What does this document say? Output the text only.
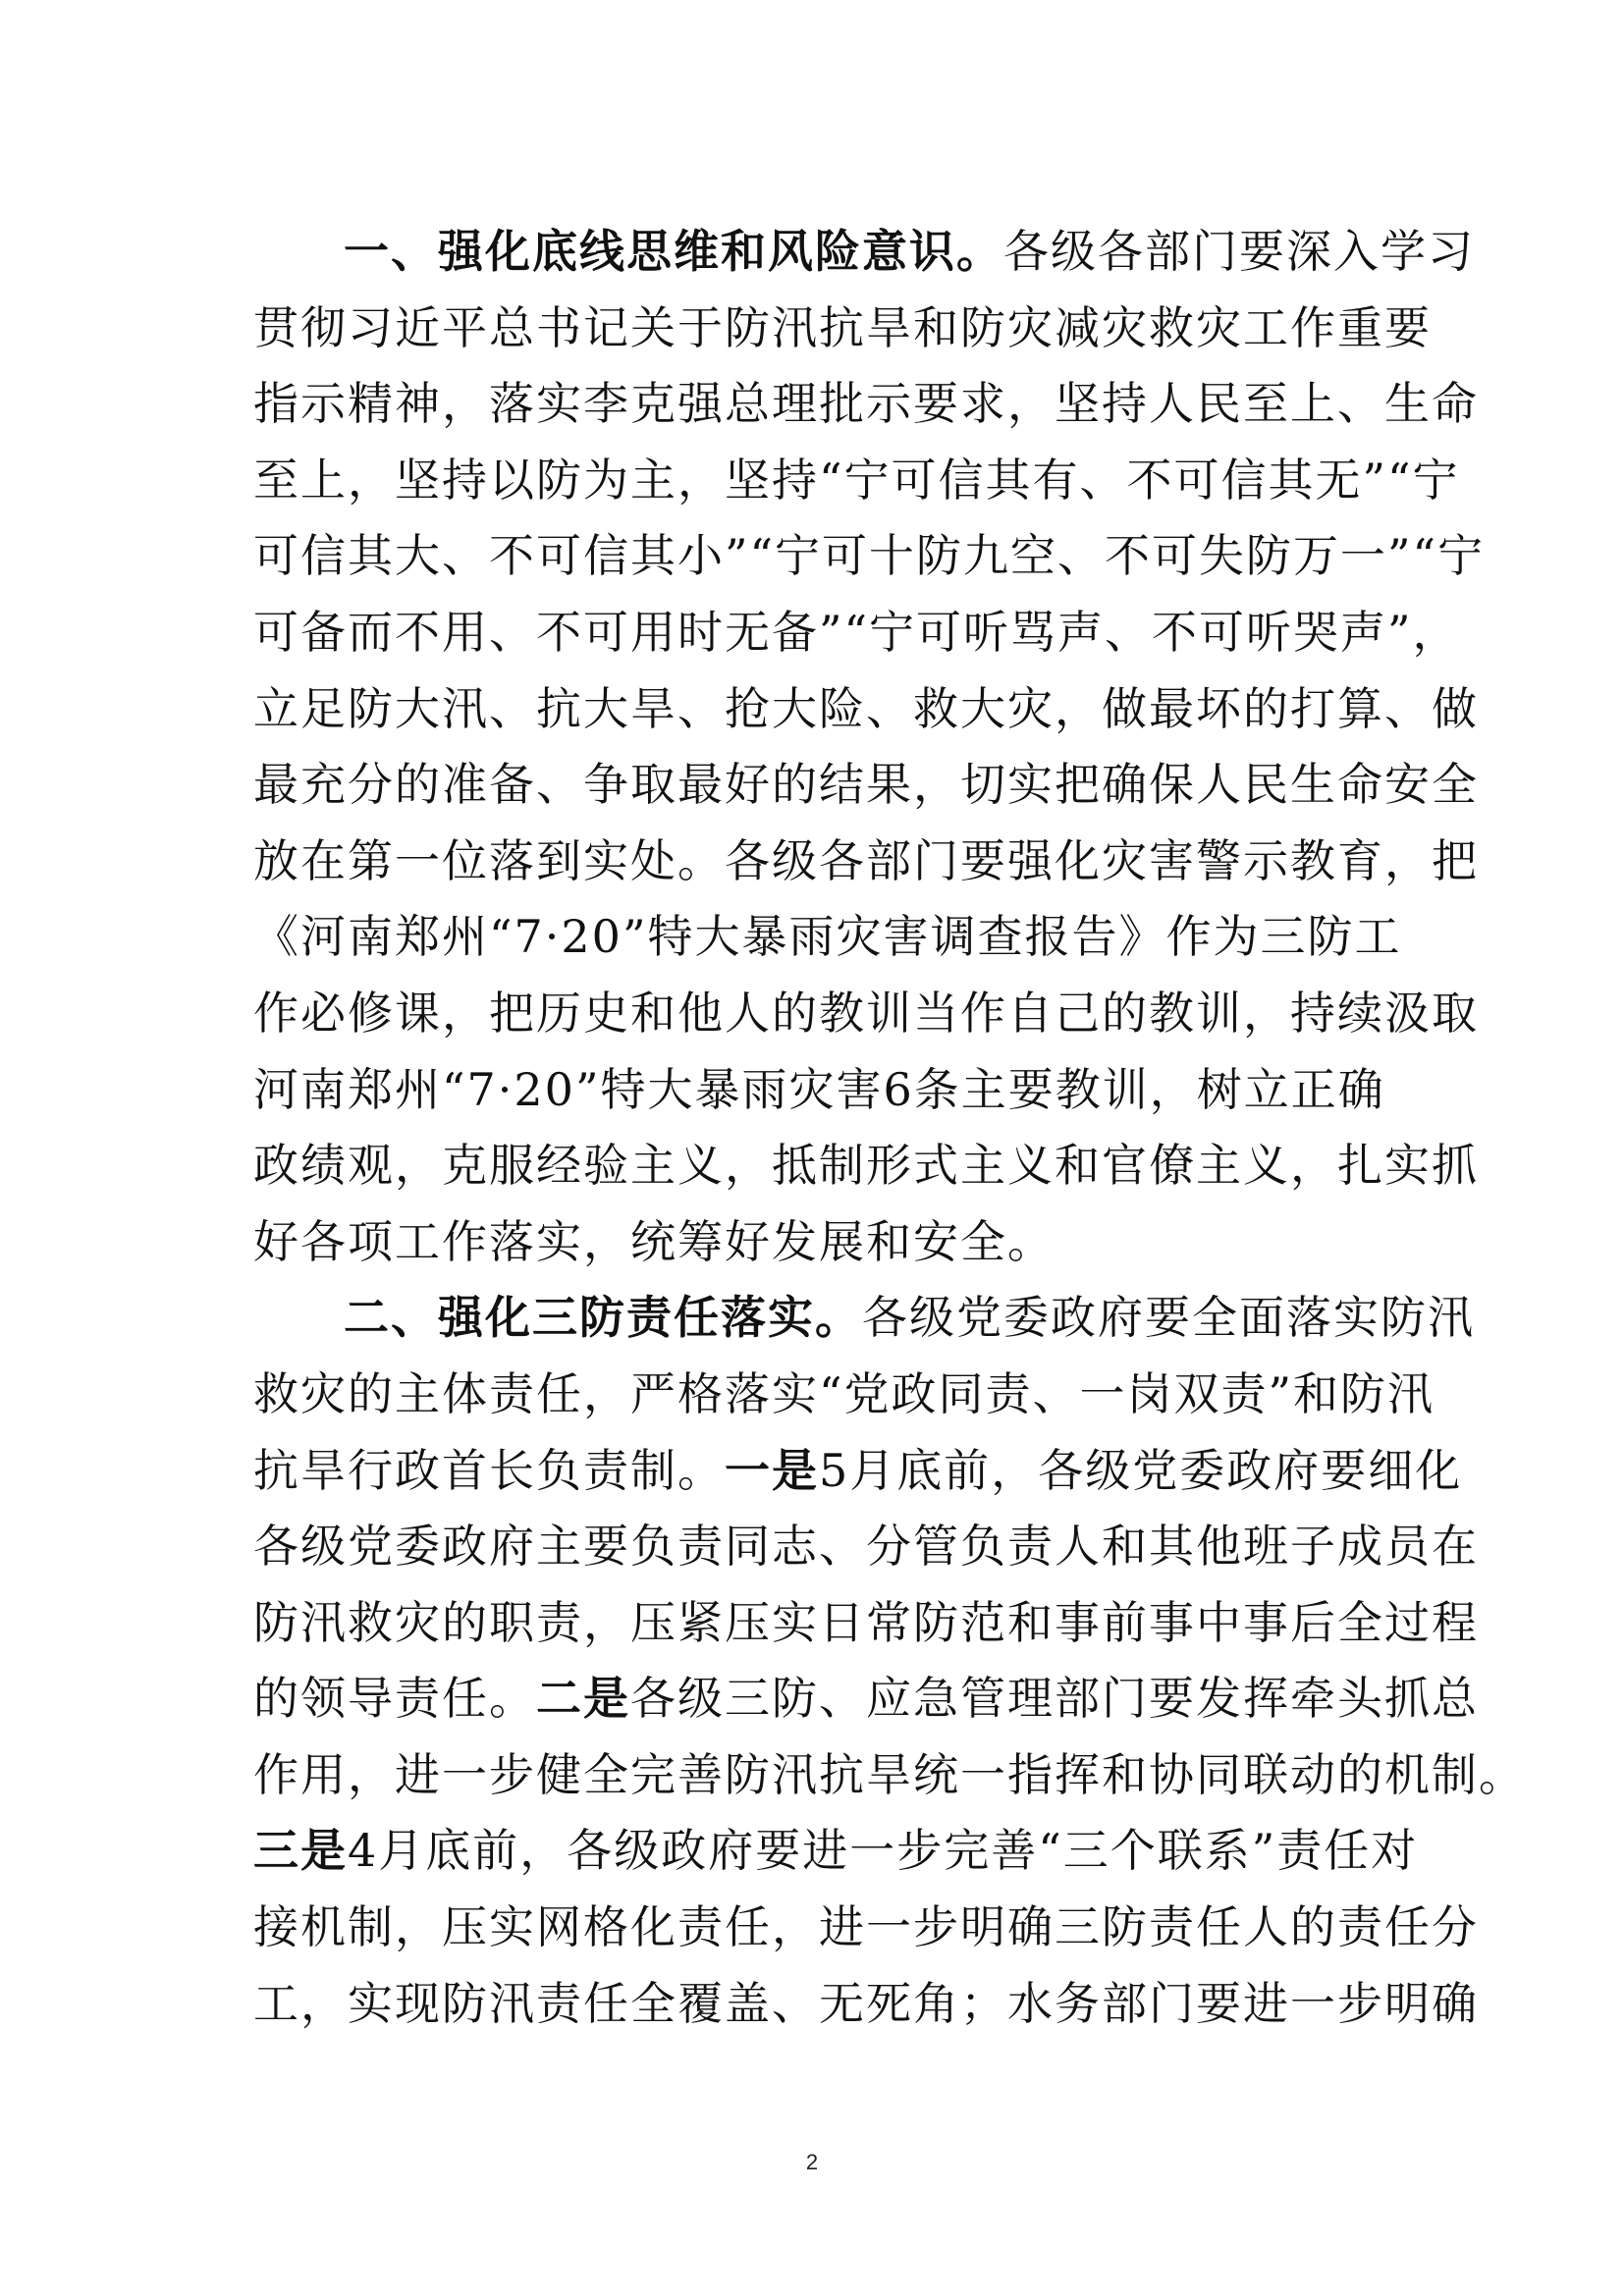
一、强化底线思维和风险意识。各级各部门要深入学习
贯彻习近平总书记关于防汛抗旱和防灾减灾救灾工作重要
指示精神，落实李克强总理批示要求，坚持人民至上、生命
至上，坚持以防为主，坚持“宁可信其有、不可信其无”“宁
可信其大、不可信其小”“宁可十防九空、不可失防万一”“宁
可备而不用、不可用时无备”“宁可听骂声、不可听哭声”，
立足防大汛、抗大旱、抢大险、救大灾，做最坏的打算、做
最充分的准备、争取最好的结果，切实把确保人民生命安全
放在第一位落到实处。各级各部门要强化灾害警示教育，把
《河南郑州“7·20”特大暴雨灾害调查报告》作为三防工
作必修课，把历史和他人的教训当作自己的教训，持续汲取
河南郑州“7·20”特大暴雨灾害6条主要教训，树立正确
政绩观，克服经验主义，抵制形式主义和官僚主义，扎实抓
好各项工作落实，统筹好发展和安全。
二、强化三防责任落实。各级党委政府要全面落实防汛
救灾的主体责任，严格落实“党政同责、一岗双责”和防汛
抗旱行政首长负责制。一是5月底前，各级党委政府要细化
各级党委政府主要负责同志、分管负责人和其他班子成员在
防汛救灾的职责，压紧压实日常防范和事前事中事后全过程
的领导责任。二是各级三防、应急管理部门要发挥牵头抓总
作用，进一步健全完善防汛抗旱统一指挥和协同联动的机制。
三是4月底前，各级政府要进一步完善“三个联系”责任对
接机制，压实网格化责任，进一步明确三防责任人的责任分
工，实现防汛责任全覆盖、无死角；水务部门要进一步明确
2
